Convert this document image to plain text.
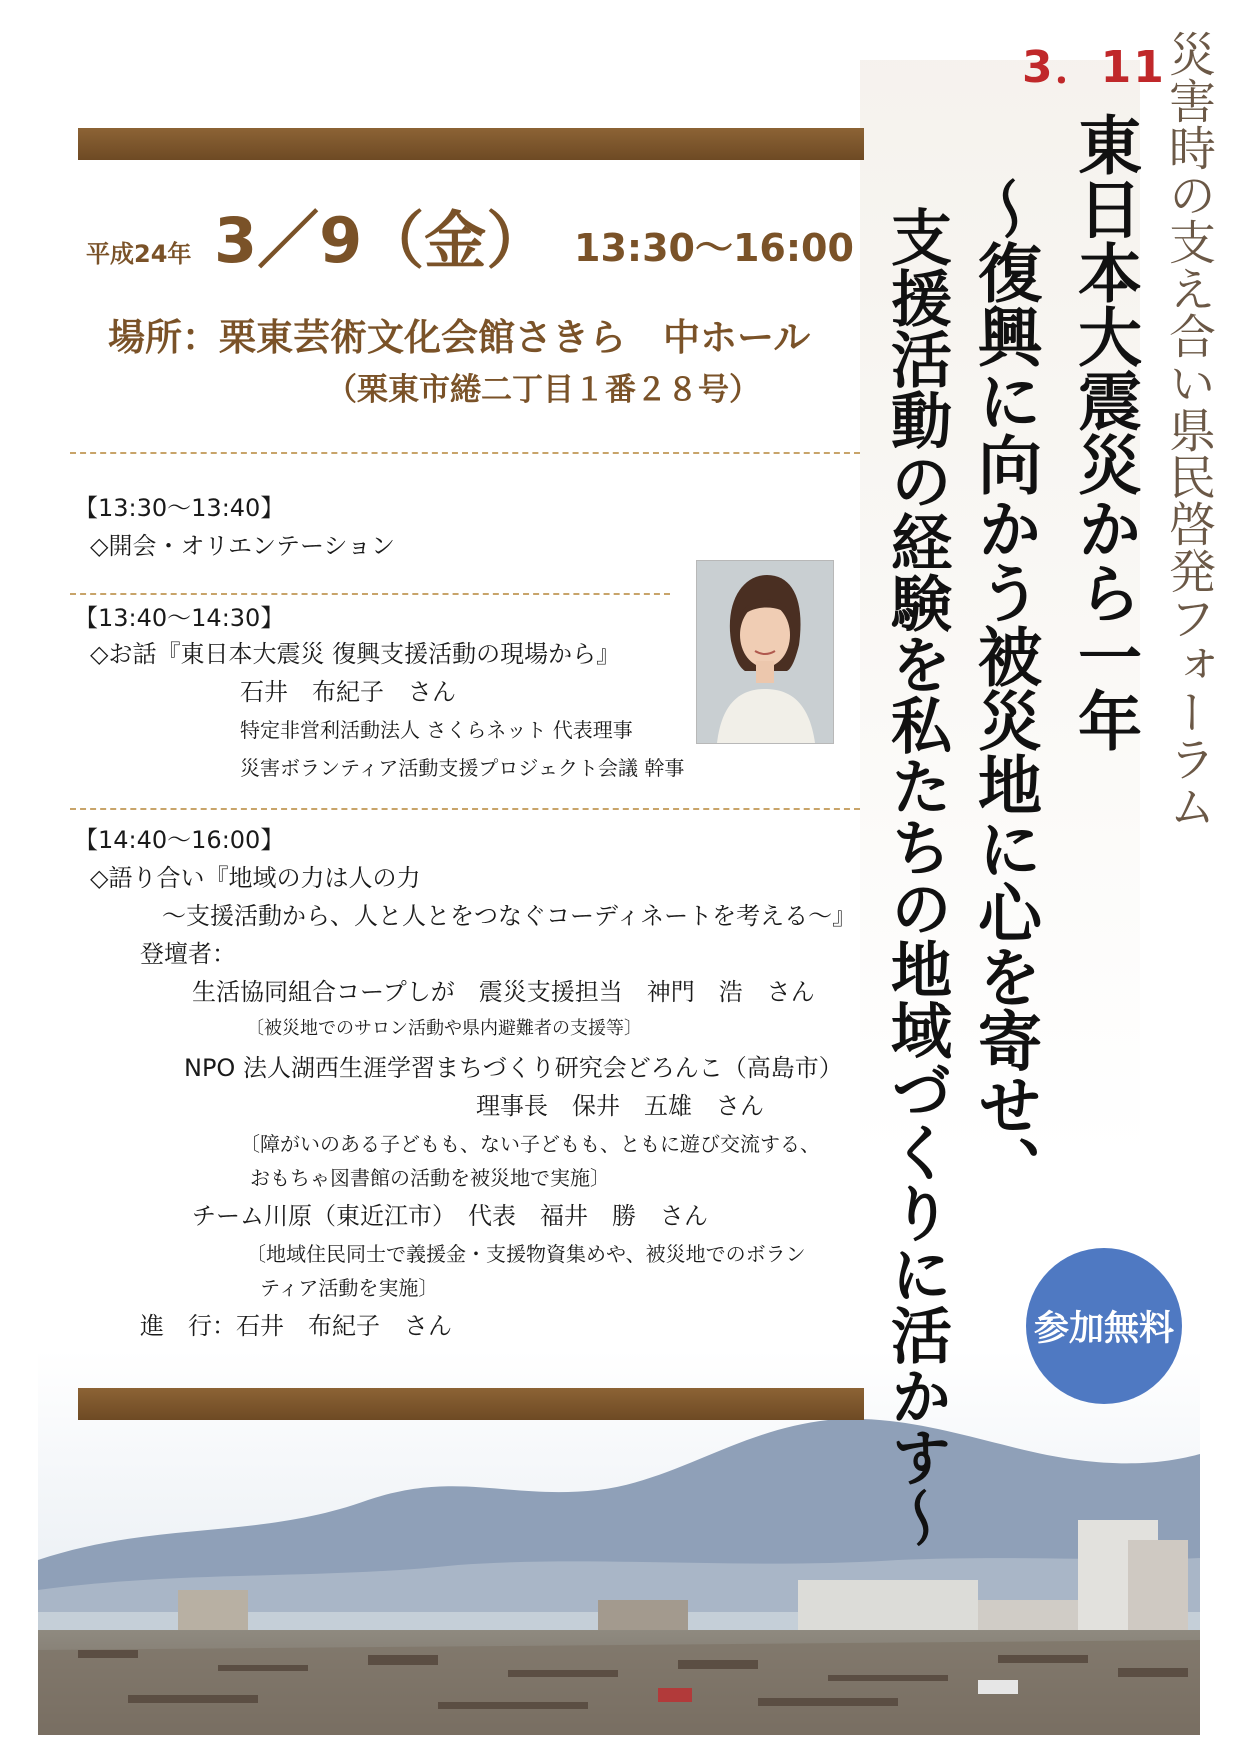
平成24年 3／9（金） 13:30〜16:00
場所：栗東芸術文化会館さきら　中ホール
（栗東市綣二丁目１番２８号）
【13:30〜13:40】
◇開会・オリエンテーション
【13:40〜14:30】
◇お話『東日本大震災 復興支援活動の現場から』
石井　布紀子　さん
特定非営利活動法人 さくらネット 代表理事
災害ボランティア活動支援プロジェクト会議 幹事
【14:40〜16:00】
◇語り合い『地域の力は人の力
〜支援活動から、人と人とをつなぐコーディネートを考える〜』
登壇者：
生活協同組合コープしが　震災支援担当　神門　浩　さん
〔被災地でのサロン活動や県内避難者の支援等〕
NPO 法人湖西生涯学習まちづくり研究会どろんこ（高島市）
理事長　保井　五雄　さん
〔障がいのある子どもも、ない子どもも、ともに遊び交流する、
おもちゃ図書館の活動を被災地で実施〕
チーム川原（東近江市）　代表　福井　勝　さん
〔地域住民同士で義援金・支援物資集めや、被災地でのボラン
ティア活動を実施〕
進　行：石井　布紀子　さん
3．11
災害時の支え合い県民啓発フォーラム
東日本大震災から一年
〜復興に向かう被災地に心を寄せ、
支援活動の経験を私たちの地域づくりに活かす〜 参加無料
